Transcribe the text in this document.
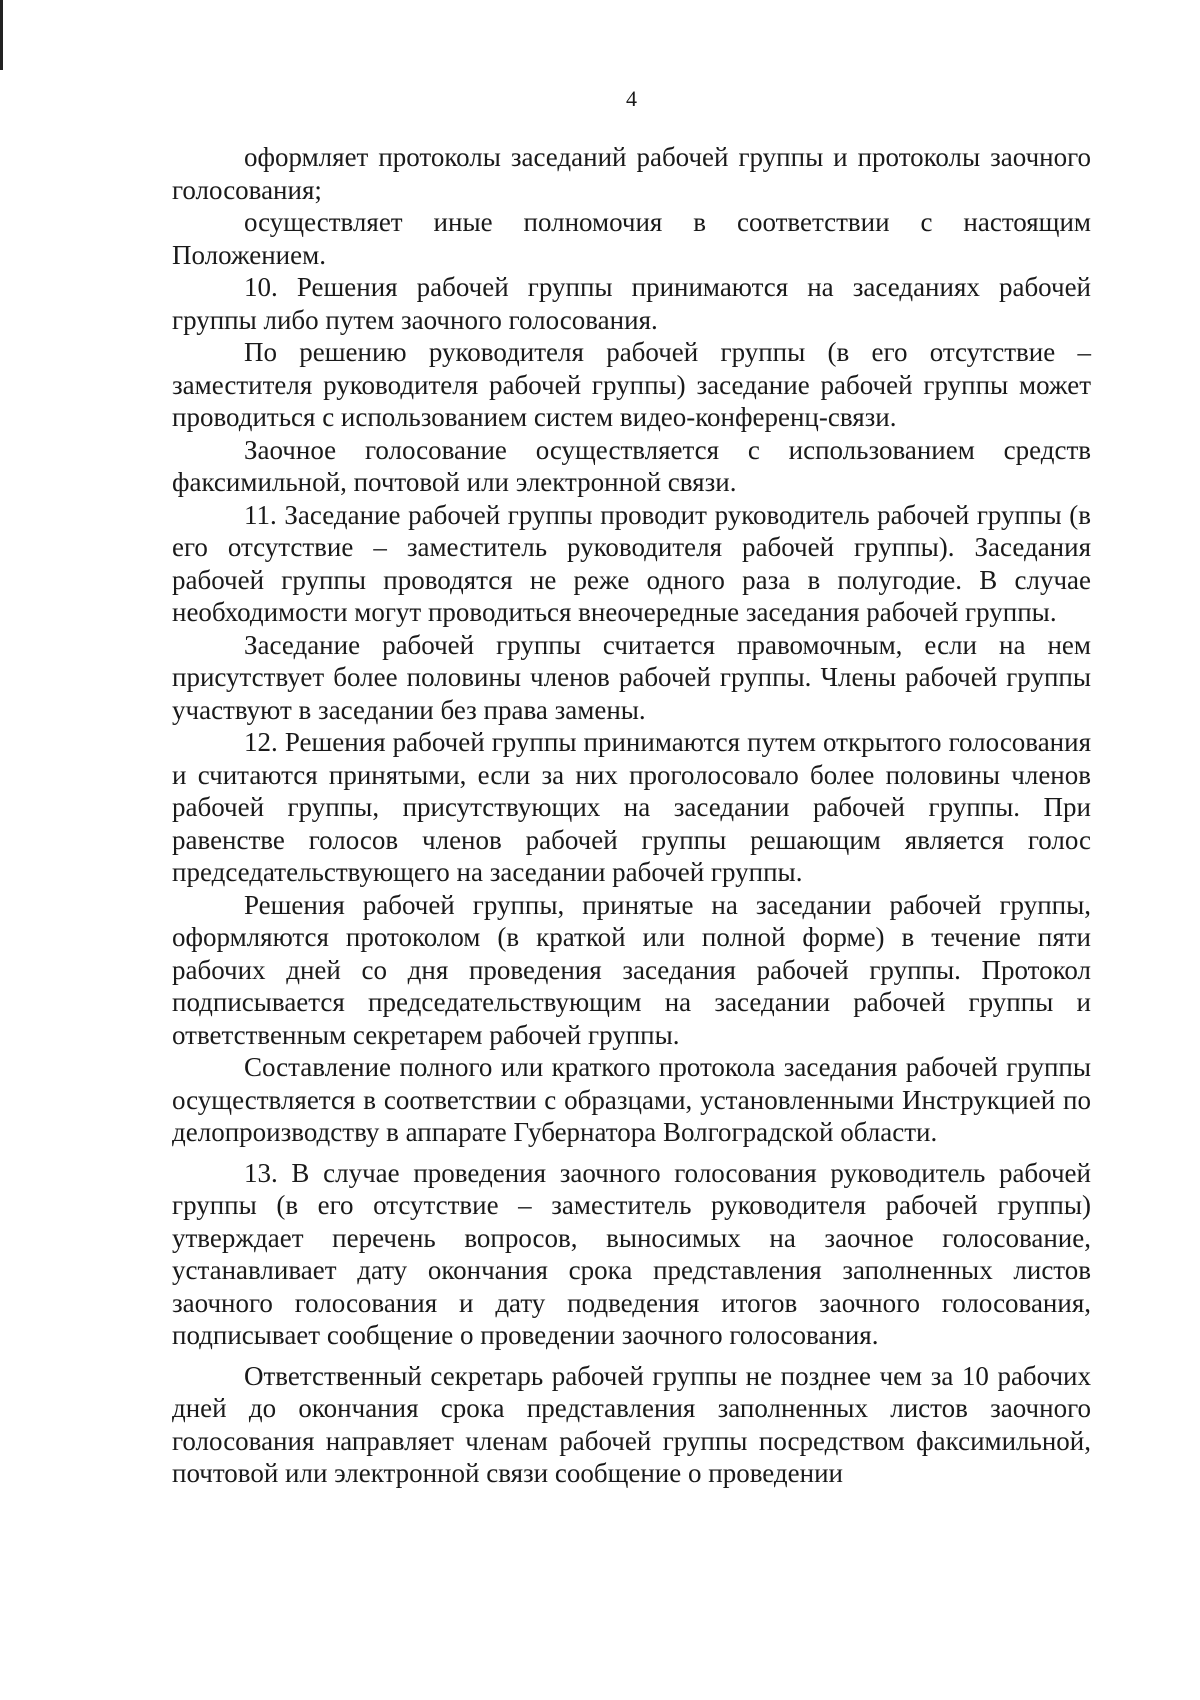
4

оформляет протоколы заседаний рабочей группы и протоколы заочного голосования;

осуществляет иные полномочия в соответствии с настоящим Положением.

10. Решения рабочей группы принимаются на заседаниях рабочей группы либо путем заочного голосования.

По решению руководителя рабочей группы (в его отсутствие – заместителя руководителя рабочей группы) заседание рабочей группы может проводиться с использованием систем видео-конференц-связи.

Заочное голосование осуществляется с использованием средств факсимильной, почтовой или электронной связи.

11. Заседание рабочей группы проводит руководитель рабочей группы (в его отсутствие – заместитель руководителя рабочей группы). Заседания рабочей группы проводятся не реже одного раза в полугодие. В случае необходимости могут проводиться внеочередные заседания рабочей группы.

Заседание рабочей группы считается правомочным, если на нем присутствует более половины членов рабочей группы. Члены рабочей группы участвуют в заседании без права замены.

12. Решения рабочей группы принимаются путем открытого голосования и считаются принятыми, если за них проголосовало более половины членов рабочей группы, присутствующих на заседании рабочей группы. При равенстве голосов членов рабочей группы решающим является голос председательствующего на заседании рабочей группы.

Решения рабочей группы, принятые на заседании рабочей группы, оформляются протоколом (в краткой или полной форме) в течение пяти рабочих дней со дня проведения заседания рабочей группы. Протокол подписывается председательствующим на заседании рабочей группы и ответственным секретарем рабочей группы.

Составление полного или краткого протокола заседания рабочей группы осуществляется в соответствии с образцами, установленными Инструкцией по делопроизводству в аппарате Губернатора Волгоградской области.

13. В случае проведения заочного голосования руководитель рабочей группы (в его отсутствие – заместитель руководителя рабочей группы) утверждает перечень вопросов, выносимых на заочное голосование, устанавливает дату окончания срока представления заполненных листов заочного голосования и дату подведения итогов заочного голосования, подписывает сообщение о проведении заочного голосования.

Ответственный секретарь рабочей группы не позднее чем за 10 рабочих дней до окончания срока представления заполненных листов заочного голосования направляет членам рабочей группы посредством факсимильной, почтовой или электронной связи сообщение о проведении
